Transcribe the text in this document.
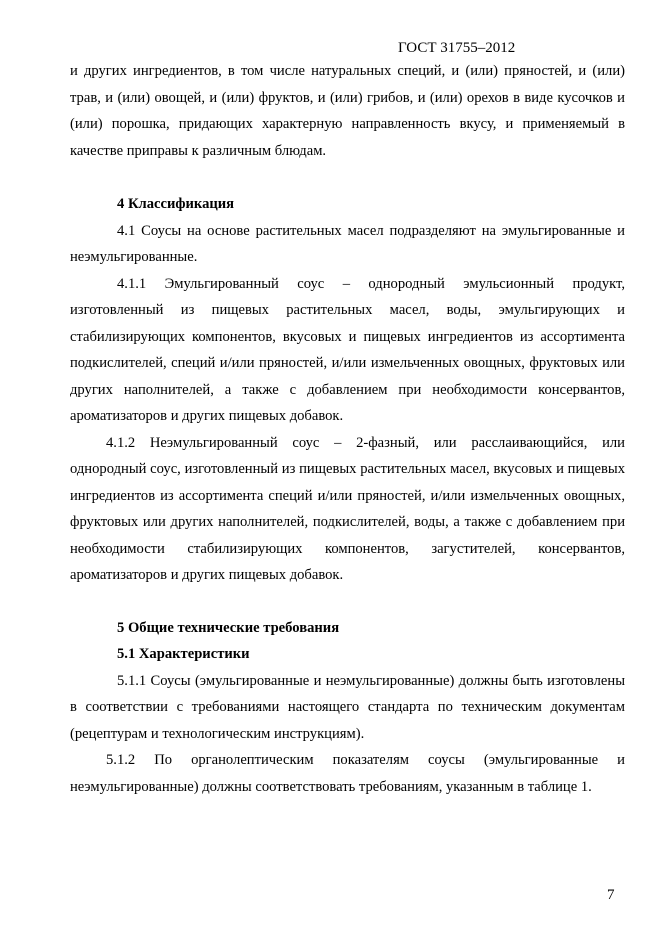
ГОСТ 31755–2012

и других ингредиентов, в том числе натуральных специй, и (или) пряностей, и (или) трав, и (или) овощей, и (или) фруктов, и (или) грибов, и (или) орехов в виде кусочков и (или) порошка, придающих характерную направленность вкусу, и применяемый в качестве приправы к различным блюдам.

4 Классификация

4.1 Соусы на основе растительных масел подразделяют на эмульгированные и неэмульгированные.

4.1.1 Эмульгированный соус – однородный эмульсионный продукт, изготовленный из пищевых растительных масел, воды, эмульгирующих и стабилизирующих компонентов, вкусовых и пищевых ингредиентов из ассортимента подкислителей, специй и/или пряностей, и/или измельченных овощных, фруктовых или других наполнителей, а также с добавлением при необходимости консервантов, ароматизаторов и других пищевых добавок.

4.1.2 Неэмульгированный соус – 2-фазный, или расслаивающийся, или однородный соус, изготовленный из пищевых растительных масел, вкусовых и пищевых ингредиентов из ассортимента специй и/или пряностей, и/или измельченных овощных, фруктовых или других наполнителей, подкислителей, воды, а также с добавлением при необходимости стабилизирующих компонентов, загустителей, консервантов, ароматизаторов и других пищевых добавок.

5 Общие технические требования

5.1 Характеристики

5.1.1 Соусы (эмульгированные и неэмульгированные) должны быть изготовлены в соответствии с требованиями настоящего стандарта по техническим документам (рецептурам и технологическим инструкциям).

5.1.2 По органолептическим показателям соусы (эмульгированные и неэмульгированные) должны соответствовать требованиям, указанным в таблице 1.

7
